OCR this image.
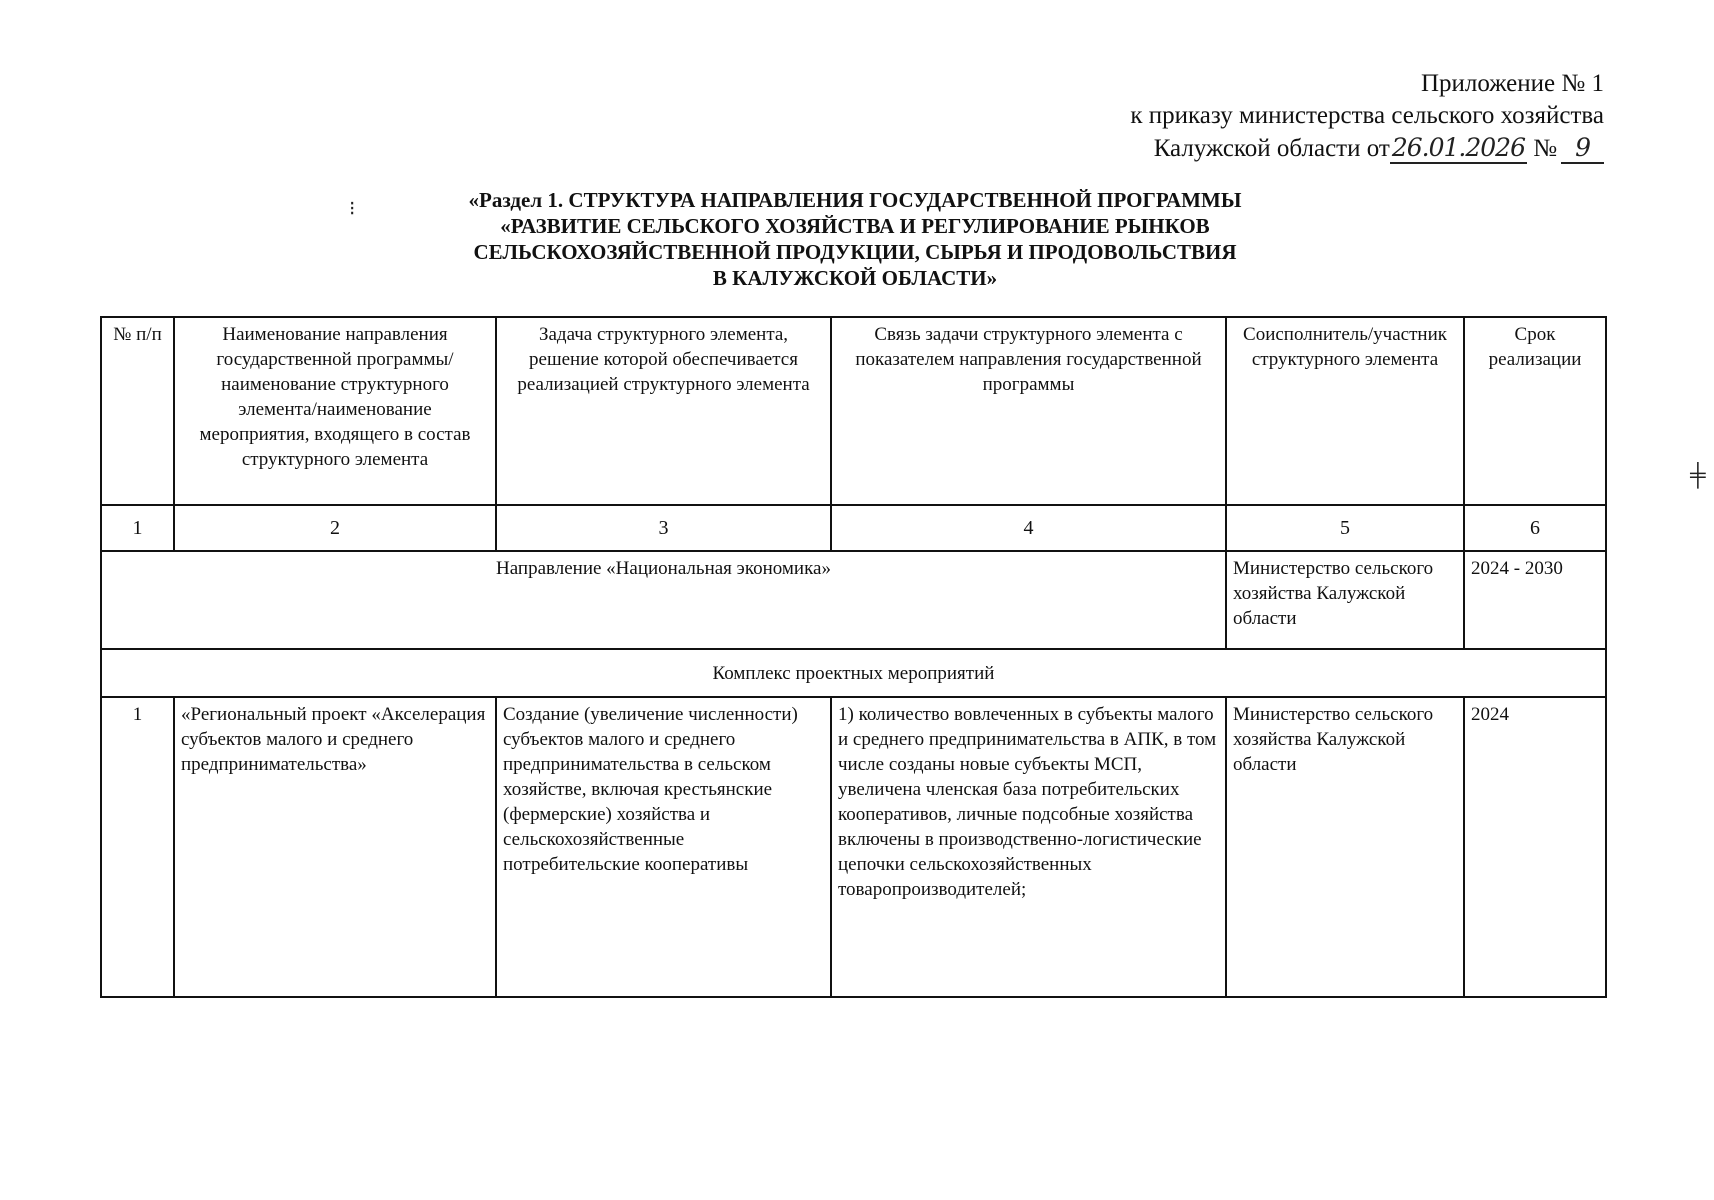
Приложение № 1
к приказу министерства сельского хозяйства
Калужской области от26.01.2026 № 9
⁝	«Раздел 1. СТРУКТУРА НАПРАВЛЕНИЯ ГОСУДАРСТВЕННОЙ ПРОГРАММЫ
«РАЗВИТИЕ СЕЛЬСКОГО ХОЗЯЙСТВА И РЕГУЛИРОВАНИЕ РЫНКОВ
СЕЛЬСКОХОЗЯЙСТВЕННОЙ ПРОДУКЦИИ, СЫРЬЯ И ПРОДОВОЛЬСТВИЯ
В КАЛУЖСКОЙ ОБЛАСТИ»
№ п/п	Наименование направления государственной программы/наименование структурного элемента/наименование мероприятия, входящего в состав структурного элемента	Задача структурного элемента, решение которой обеспечивается реализацией структурного элемента	Связь задачи структурного элемента с показателем направления государственной программы	Соисполнитель/участник структурного элемента	Срок реализации
1	2	3	4	5	6
Направление «Национальная экономика»				Министерство сельского хозяйства Калужской области	2024 - 2030
Комплекс проектных мероприятий					
1	«Региональный проект «Акселерация субъектов малого и среднего предпринимательства»	Создание (увеличение численности) субъектов малого и среднего предпринимательства в сельском хозяйстве, включая крестьянские (фермерские) хозяйства и сельскохозяйственные потребительские кооперативы	1) количество вовлеченных в субъекты малого и среднего предпринимательства в АПК, в том числе созданы новые субъекты МСП, увеличена членская база потребительских кооперативов, личные подсобные хозяйства включены в производственно-логистические цепочки сельскохозяйственных товаропроизводителей;	Министерство сельского хозяйства Калужской области	2024
╪
